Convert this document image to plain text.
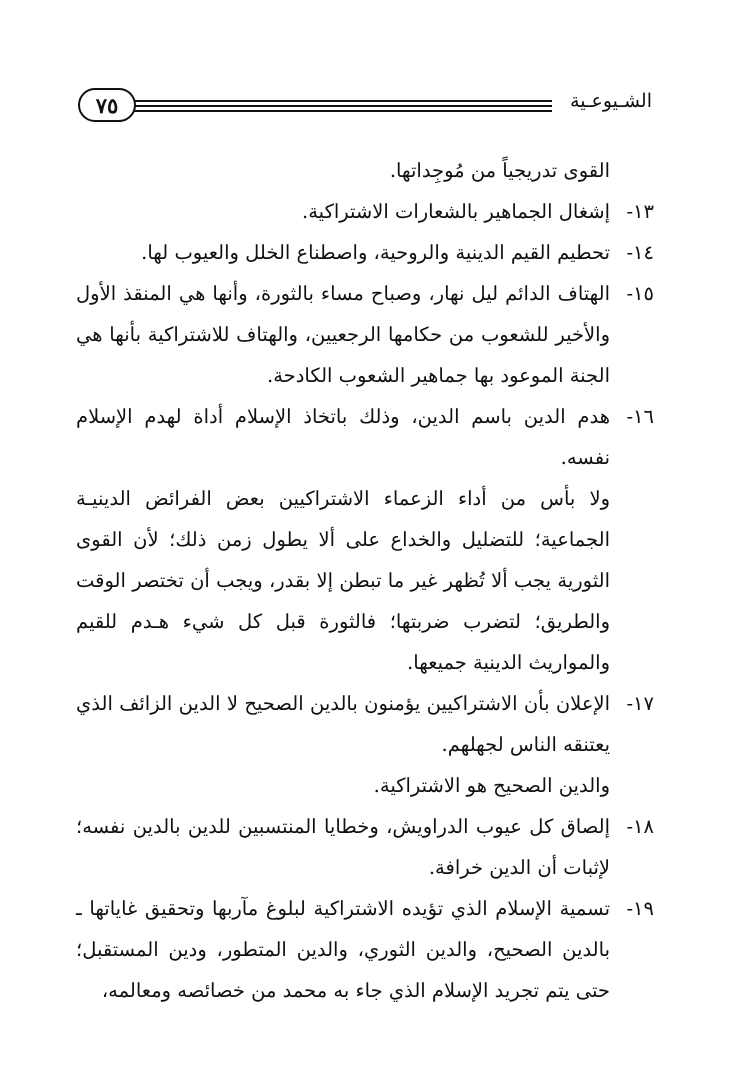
٧٥	الشـيوعـية

القوى تدريجياً من مُوجِداتها.

١٣-
إشغال الجماهير بالشعارات الاشتراكية.
١٤-
تحطيم القيم الدينية والروحية، واصطناع الخلل والعيوب لها.
١٥-
الهتاف الدائم ليل نهار، وصباح مساء بالثورة، وأنها هي المنقذ الأول والأخير للشعوب من حكامها الرجعيين، والهتاف للاشتراكية بأنها هي الجنة الموعود بها جماهير الشعوب الكادحة.
١٦-
هدم الدين باسم الدين، وذلك باتخاذ الإسلام أداة لهدم الإسلام نفسه.

ولا بأس من أداء الزعماء الاشتراكيين بعض الفرائض الدينيـة الجماعية؛ للتضليل والخداع على ألا يطول زمن ذلك؛ لأن القوى الثورية يجب ألا تُظهر غير ما تبطن إلا بقدر، ويجب أن تختصر الوقت والطريق؛ لتضرب ضربتها؛ فالثورة قبل كل شيء هـدم للقيم والمواريث الدينية جميعها.

١٧-
الإعلان بأن الاشتراكيين يؤمنون بالدين الصحيح لا الدين الزائف الذي يعتنقه الناس لجهلهم.

والدين الصحيح هو الاشتراكية.

١٨-
إلصاق كل عيوب الدراويش، وخطايا المنتسبين للدين بالدين نفسه؛ لإثبات أن الدين خرافة.
١٩-
تسمية الإسلام الذي تؤيده الاشتراكية لبلوغ مآربها وتحقيق غاياتها ـ بالدين الصحيح، والدين الثوري، والدين المتطور، ودين المستقبل؛ حتى يتم تجريد الإسلام الذي جاء به محمد من خصائصه ومعالمه،
